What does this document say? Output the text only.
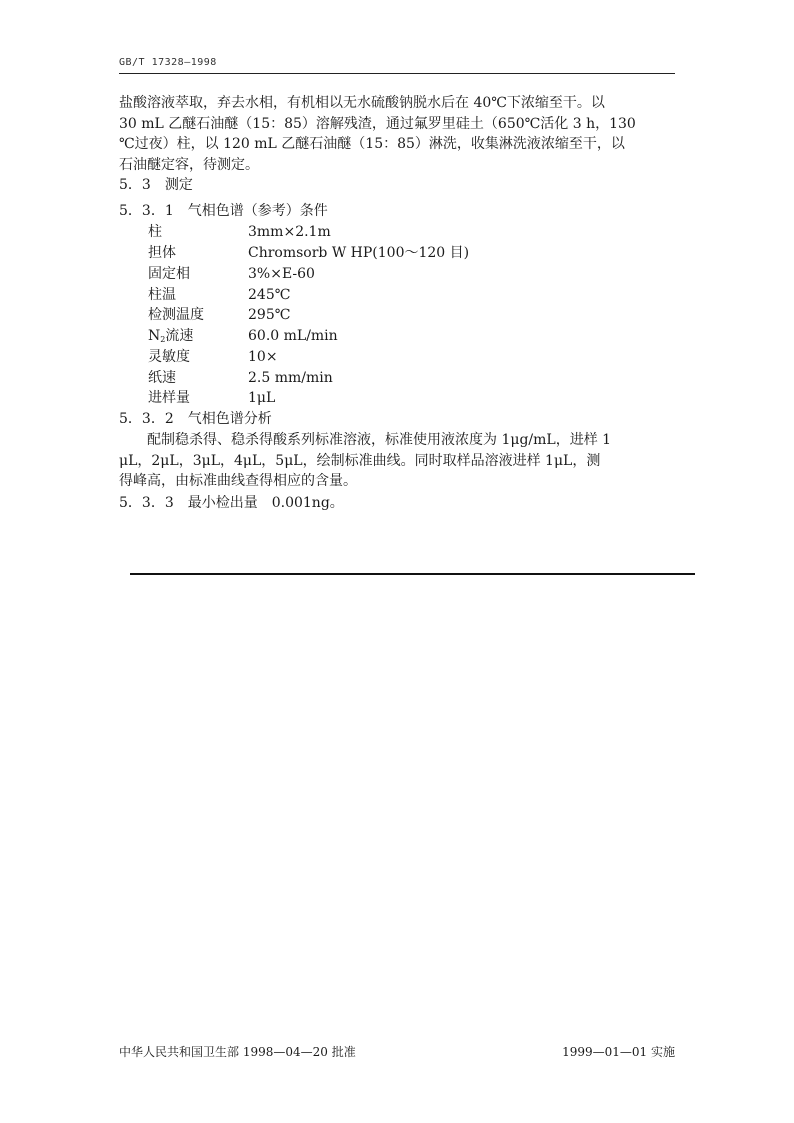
GB/T 17328—1998
盐酸溶液萃取，弃去水相，有机相以无水硫酸钠脱水后在 40℃下浓缩至干。以
30 mL 乙醚石油醚（15：85）溶解残渣，通过氟罗里硅土（650℃活化 3 h，130
℃过夜）柱，以 120 mL 乙醚石油醚（15：85）淋洗，收集淋洗液浓缩至干，以
石油醚定容，待测定。
5．3　测定
5．3．1　气相色谱（参考）条件
柱	3mm×2.1m
担体	Chromsorb W HP(100～120 目)
固定相	3%×E-60
柱温	245℃
检测温度	295℃
N2流速	60.0 mL/min
灵敏度	10×
纸速	2.5 mm/min
进样量	1μL
5．3．2　气相色谱分析
　　配制稳杀得、稳杀得酸系列标准溶液，标准使用液浓度为 1μg/mL，进样 1
μL，2μL，3μL，4μL，5μL，绘制标准曲线。同时取样品溶液进样 1μL，测
得峰高，由标准曲线查得相应的含量。
5．3．3　最小检出量　0.001ng。
中华人民共和国卫生部 1998—04—20 批准	1999—01—01 实施
